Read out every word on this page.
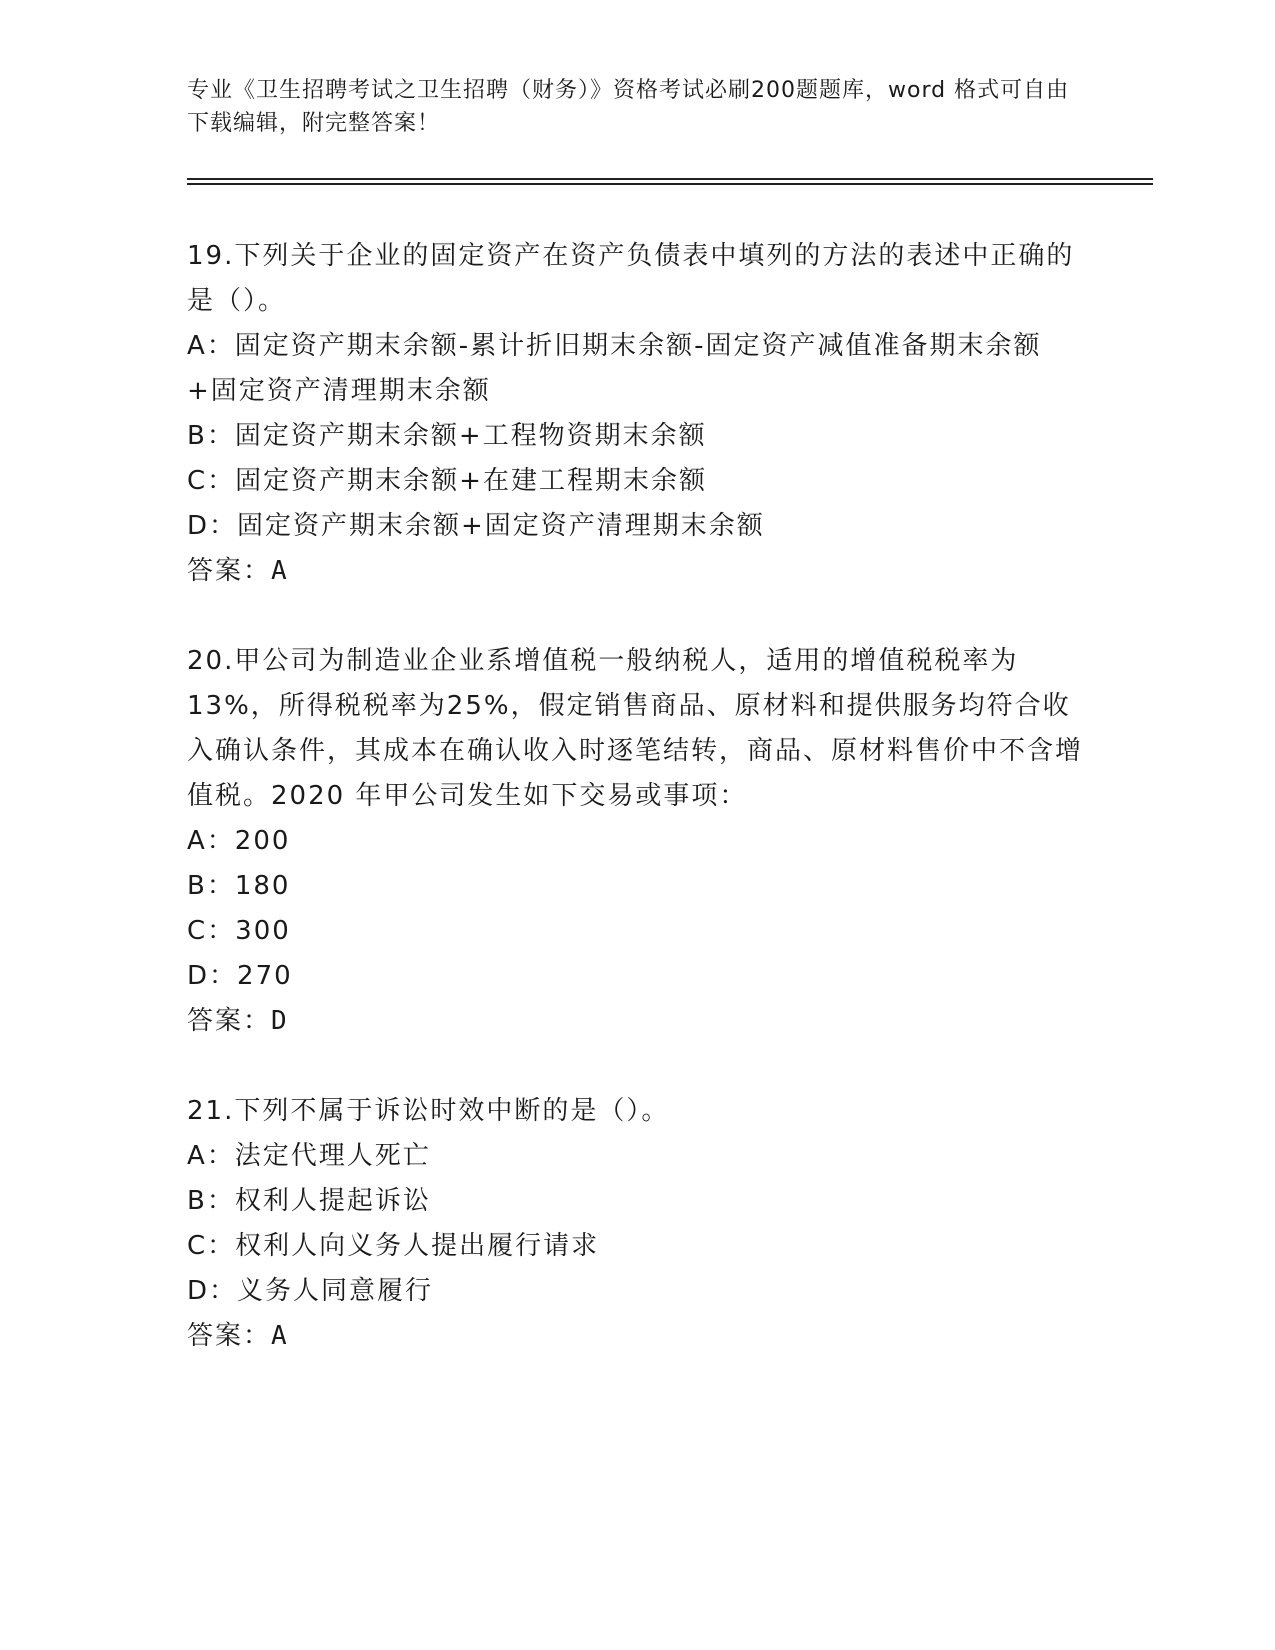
专业《卫生招聘考试之卫生招聘（财务）》资格考试必刷200题题库，word 格式可自由下载编辑，附完整答案！

19.下列关于企业的固定资产在资产负债表中填列的方法的表述中正确的是（）。

A：固定资产期末余额-累计折旧期末余额-固定资产减值准备期末余额+固定资产清理期末余额

B：固定资产期末余额+工程物资期末余额

C：固定资产期末余额+在建工程期末余额

D：固定资产期末余额+固定资产清理期末余额

答案：A

20.甲公司为制造业企业系增值税一般纳税人，适用的增值税税率为13%，所得税税率为25%，假定销售商品、原材料和提供服务均符合收入确认条件，其成本在确认收入时逐笔结转，商品、原材料售价中不含增值税。2020 年甲公司发生如下交易或事项：

A：200

B：180

C：300

D：270

答案：D

21.下列不属于诉讼时效中断的是（）。

A：法定代理人死亡

B：权利人提起诉讼

C：权利人向义务人提出履行请求

D：义务人同意履行

答案：A
